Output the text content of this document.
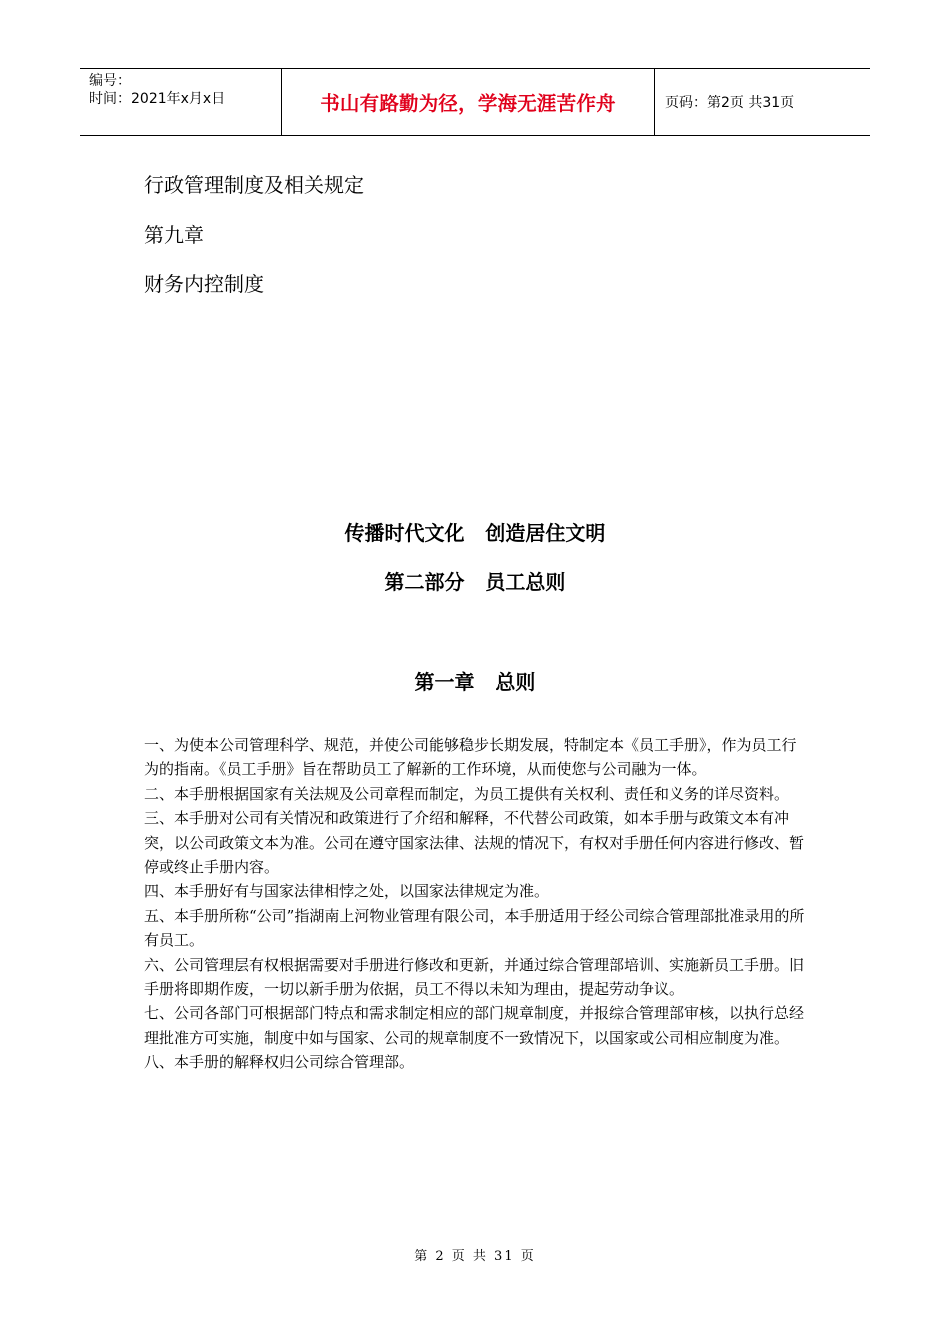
编号：
时间：2021年x月x日	书山有路勤为径，学海无涯苦作舟	页码：第2页 共31页
行政管理制度及相关规定
第九章
财务内控制度
传播时代文化   创造居住文明
第二部分   员工总则
第一章   总则

一、为使本公司管理科学、规范，并使公司能够稳步长期发展，特制定本《员工手册》，作为员工行为的指南。《员工手册》旨在帮助员工了解新的工作环境，从而使您与公司融为一体。

二、本手册根据国家有关法规及公司章程而制定，为员工提供有关权利、责任和义务的详尽资料。

三、本手册对公司有关情况和政策进行了介绍和解释，不代替公司政策，如本手册与政策文本有冲突，以公司政策文本为准。公司在遵守国家法律、法规的情况下，有权对手册任何内容进行修改、暂停或终止手册内容。

四、本手册好有与国家法律相悖之处，以国家法律规定为准。

五、本手册所称“公司”指湖南上河物业管理有限公司，本手册适用于经公司综合管理部批准录用的所有员工。

六、公司管理层有权根据需要对手册进行修改和更新，并通过综合管理部培训、实施新员工手册。旧手册将即期作废，一切以新手册为依据，员工不得以未知为理由，提起劳动争议。

七、公司各部门可根据部门特点和需求制定相应的部门规章制度，并报综合管理部审核，以执行总经理批准方可实施，制度中如与国家、公司的规章制度不一致情况下，以国家或公司相应制度为准。

八、本手册的解释权归公司综合管理部。

第 2 页 共 31 页
